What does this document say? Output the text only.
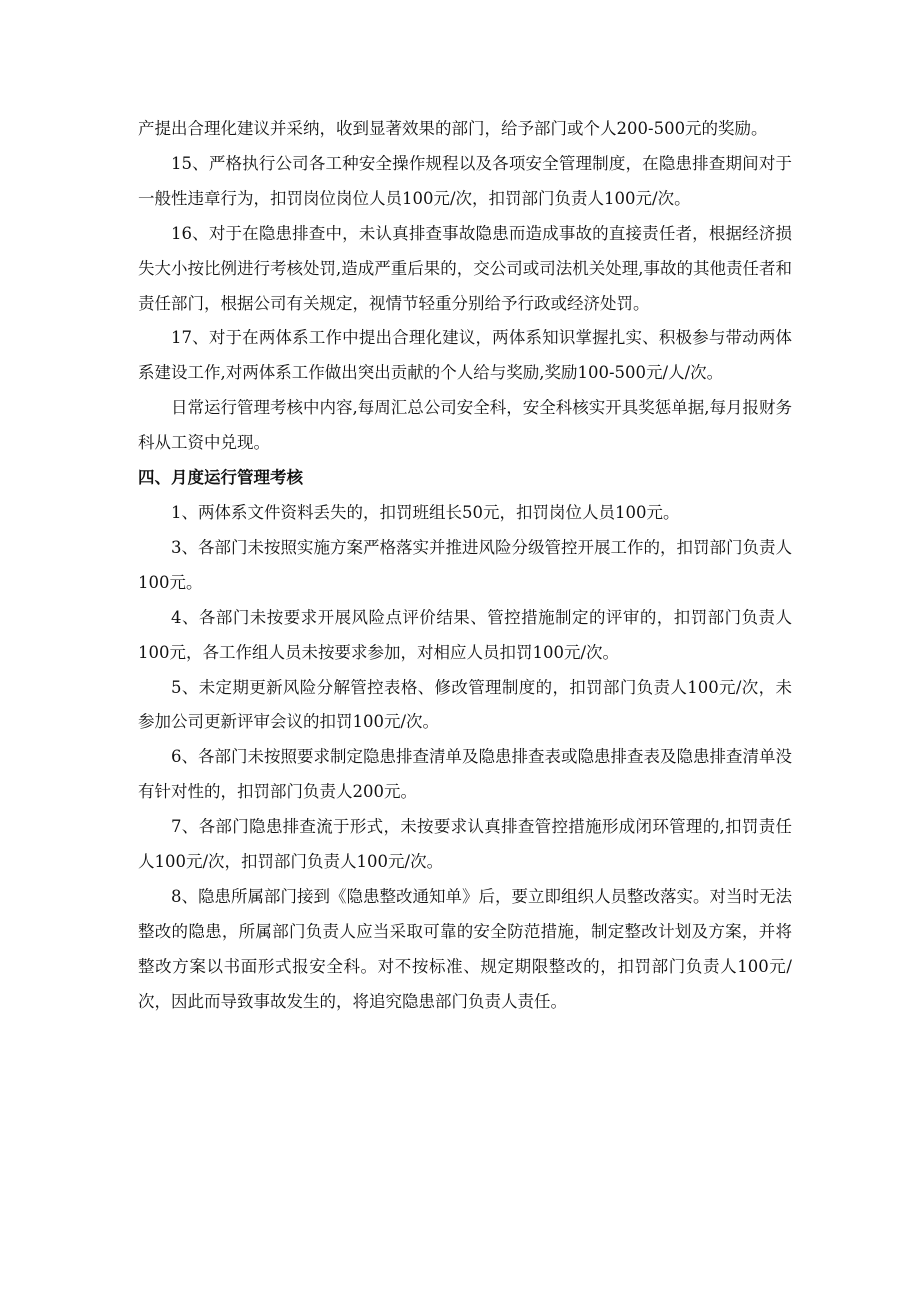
产提出合理化建议并采纳，收到显著效果的部门，给予部门或个人200-500元的奖励。

15、严格执行公司各工种安全操作规程以及各项安全管理制度，在隐患排查期间对于一般性违章行为，扣罚岗位岗位人员100元/次，扣罚部门负责人100元/次。

16、对于在隐患排查中，未认真排查事故隐患而造成事故的直接责任者，根据经济损失大小按比例进行考核处罚,造成严重后果的，交公司或司法机关处理,事故的其他责任者和责任部门，根据公司有关规定，视情节轻重分别给予行政或经济处罚。

17、对于在两体系工作中提出合理化建议，两体系知识掌握扎实、积极参与带动两体系建设工作,对两体系工作做出突出贡献的个人给与奖励,奖励100-500元/人/次。

日常运行管理考核中内容,每周汇总公司安全科，安全科核实开具奖惩单据,每月报财务科从工资中兑现。

四、月度运行管理考核

1、两体系文件资料丢失的，扣罚班组长50元，扣罚岗位人员100元。

3、各部门未按照实施方案严格落实并推进风险分级管控开展工作的，扣罚部门负责人100元。

4、各部门未按要求开展风险点评价结果、管控措施制定的评审的，扣罚部门负责人100元，各工作组人员未按要求参加，对相应人员扣罚100元/次。

5、未定期更新风险分解管控表格、修改管理制度的，扣罚部门负责人100元/次，未参加公司更新评审会议的扣罚100元/次。

6、各部门未按照要求制定隐患排查清单及隐患排查表或隐患排查表及隐患排查清单没有针对性的，扣罚部门负责人200元。

7、各部门隐患排查流于形式，未按要求认真排查管控措施形成闭环管理的,扣罚责任人100元/次，扣罚部门负责人100元/次。

8、隐患所属部门接到《隐患整改通知单》后，要立即组织人员整改落实。对当时无法整改的隐患，所属部门负责人应当采取可靠的安全防范措施，制定整改计划及方案，并将整改方案以书面形式报安全科。对不按标准、规定期限整改的，扣罚部门负责人100元/次，因此而导致事故发生的，将追究隐患部门负责人责任。
